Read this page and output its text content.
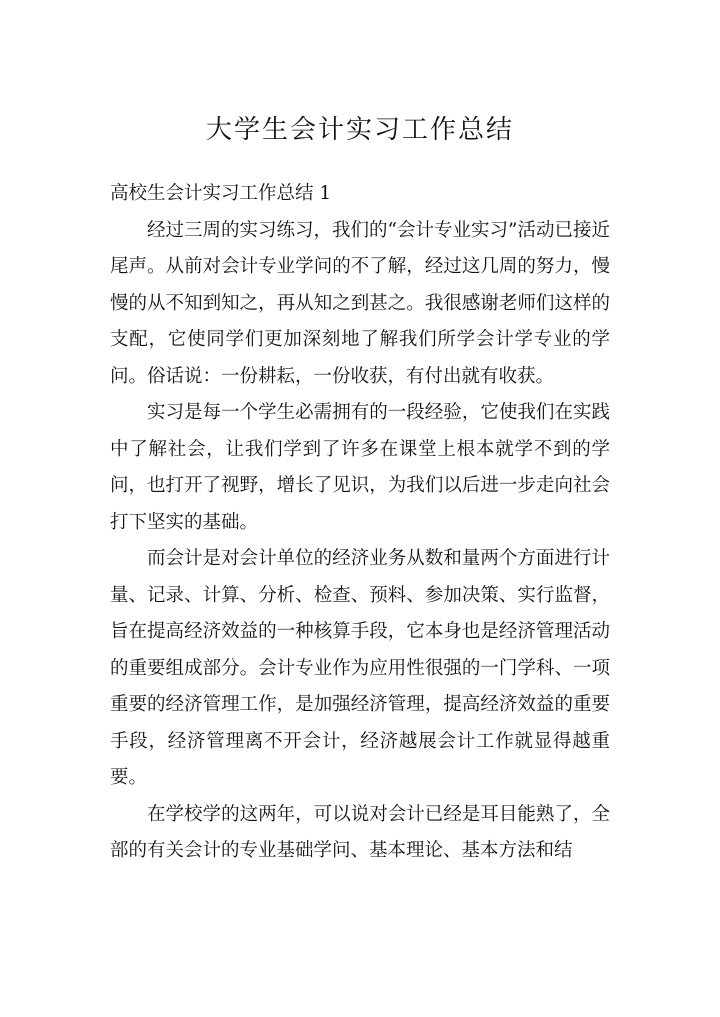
大学生会计实习工作总结

高校生会计实习工作总结 1

经过三周的实习练习，我们的“会计专业实习”活动已接近尾声。从前对会计专业学问的不了解，经过这几周的努力，慢慢的从不知到知之，再从知之到甚之。我很感谢老师们这样的支配，它使同学们更加深刻地了解我们所学会计学专业的学问。俗话说：一份耕耘，一份收获，有付出就有收获。

实习是每一个学生必需拥有的一段经验，它使我们在实践中了解社会，让我们学到了许多在课堂上根本就学不到的学问，也打开了视野，增长了见识，为我们以后进一步走向社会打下坚实的基础。

而会计是对会计单位的经济业务从数和量两个方面进行计量、记录、计算、分析、检查、预料、参加决策、实行监督，旨在提高经济效益的一种核算手段，它本身也是经济管理活动的重要组成部分。会计专业作为应用性很强的一门学科、一项重要的经济管理工作，是加强经济管理，提高经济效益的重要手段，经济管理离不开会计，经济越展会计工作就显得越重要。

在学校学的这两年，可以说对会计已经是耳目能熟了，全部的有关会计的专业基础学问、基本理论、基本方法和结
